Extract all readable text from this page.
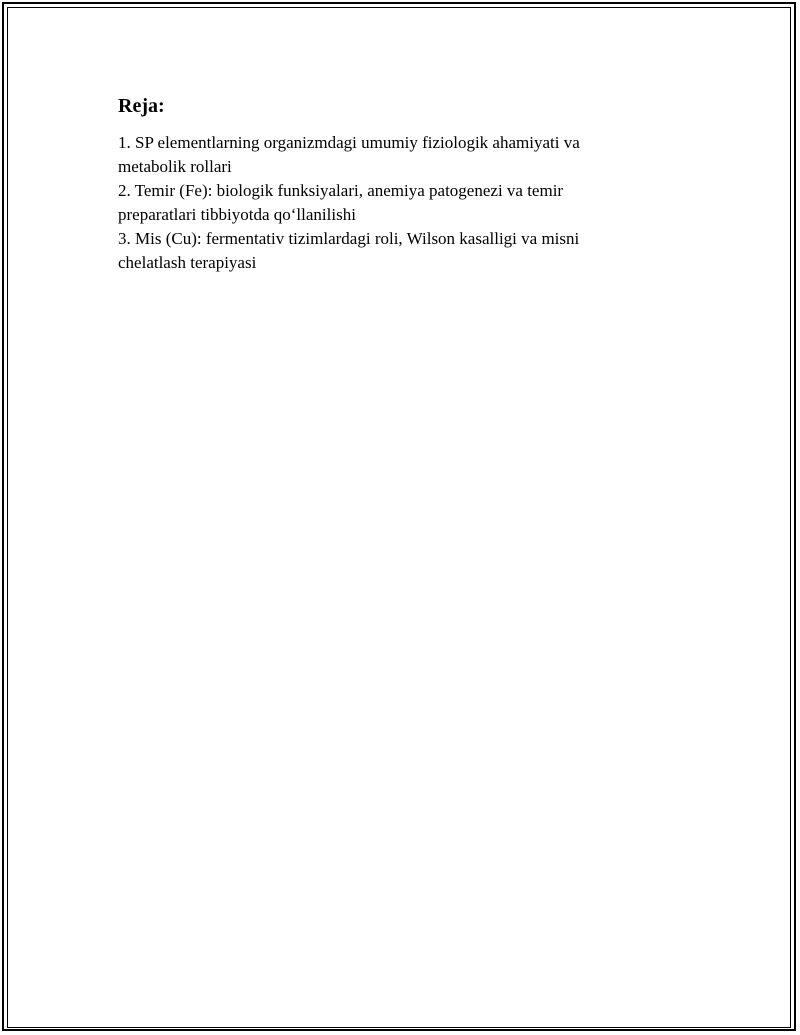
Reja:

1. SP elementlarning organizmdagi umumiy fiziologik ahamiyati va metabolik rollari

2. Temir (Fe): biologik funksiyalari, anemiya patogenezi va temir preparatlari tibbiyotda qo‘llanilishi

3. Mis (Cu): fermentativ tizimlardagi roli, Wilson kasalligi va misni chelatlash terapiyasi
